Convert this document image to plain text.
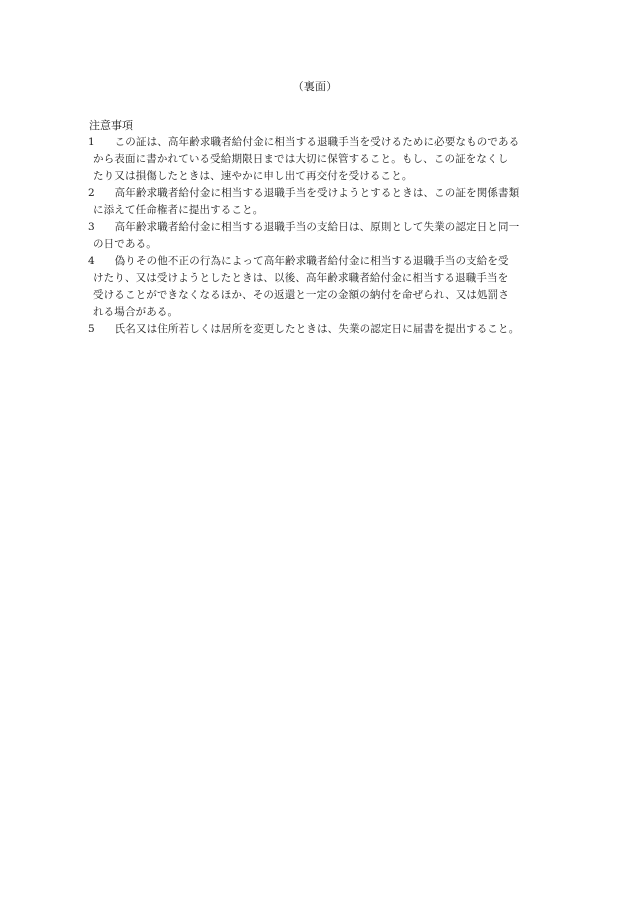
（裏面）
注意事項
1 　この証は、高年齢求職者給付金に相当する退職手当を受けるために必要なものである
から表面に書かれている受給期限日までは大切に保管すること。もし、この証をなくし
たり又は損傷したときは、速やかに申し出て再交付を受けること。
2 　高年齢求職者給付金に相当する退職手当を受けようとするときは、この証を関係書類
に添えて任命権者に提出すること。
3 　高年齢求職者給付金に相当する退職手当の支給日は、原則として失業の認定日と同一
の日である。
4 　偽りその他不正の行為によって高年齢求職者給付金に相当する退職手当の支給を受
けたり、又は受けようとしたときは、以後、高年齢求職者給付金に相当する退職手当を
受けることができなくなるほか、その返還と一定の金額の納付を命ぜられ、又は処罰さ
れる場合がある。
5 　氏名又は住所若しくは居所を変更したときは、失業の認定日に届書を提出すること。
